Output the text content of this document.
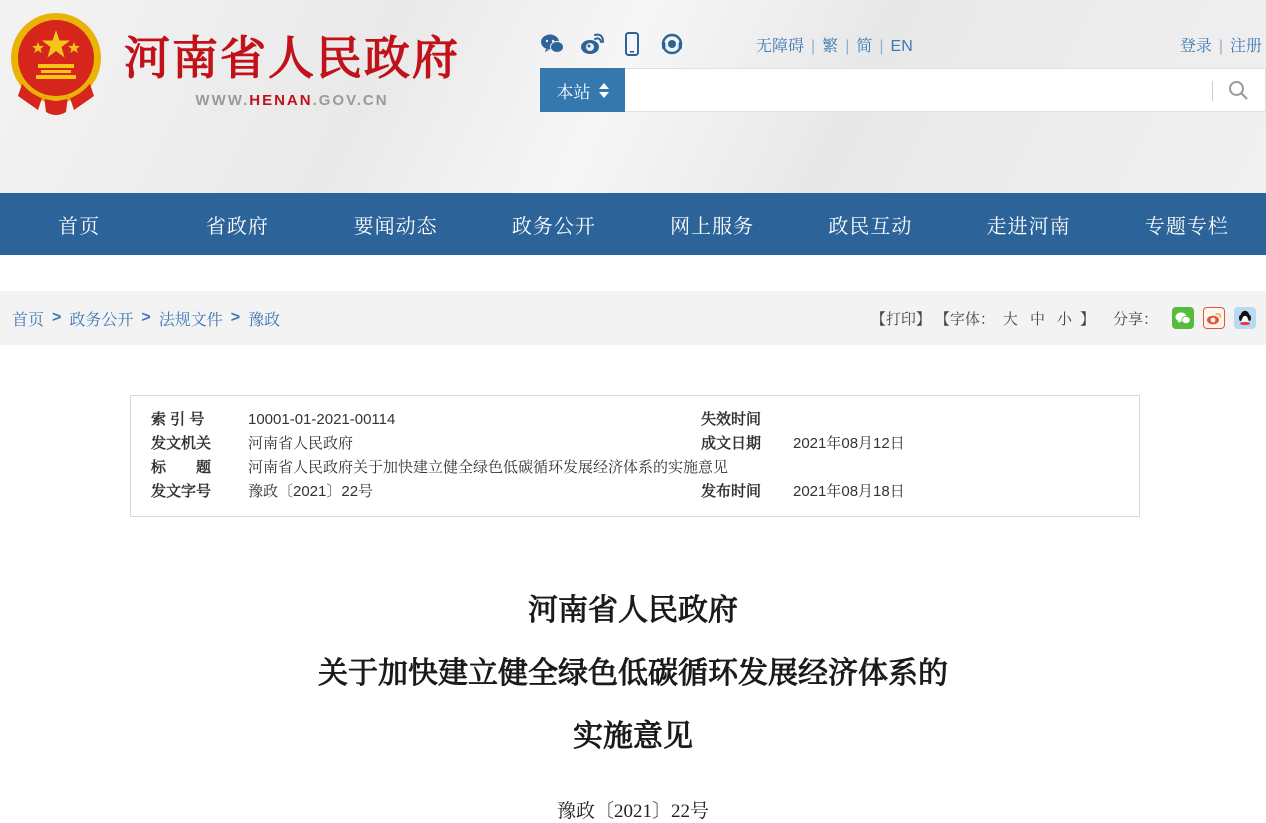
河南省人民政府
WWW.HENAN.GOV.CN
无障碍 | 繁 | 简 | EN	登录 | 注册
本站
首页	省政府	要闻动态	政务公开	网上服务	政民互动	走进河南	专题专栏
首页 > 政务公开 > 法规文件 > 豫政	【打印】 【字体： 大 中 小 】 分享：
索 引 号	10001-01-2021-00114	失效时间
发文机关	河南省人民政府	成文日期	2021年08月12日
标　　题	河南省人民政府关于加快建立健全绿色低碳循环发展经济体系的实施意见
发文字号	豫政〔2021〕22号	发布时间	2021年08月18日
河南省人民政府
关于加快建立健全绿色低碳循环发展经济体系的
实施意见
豫政〔2021〕22号
